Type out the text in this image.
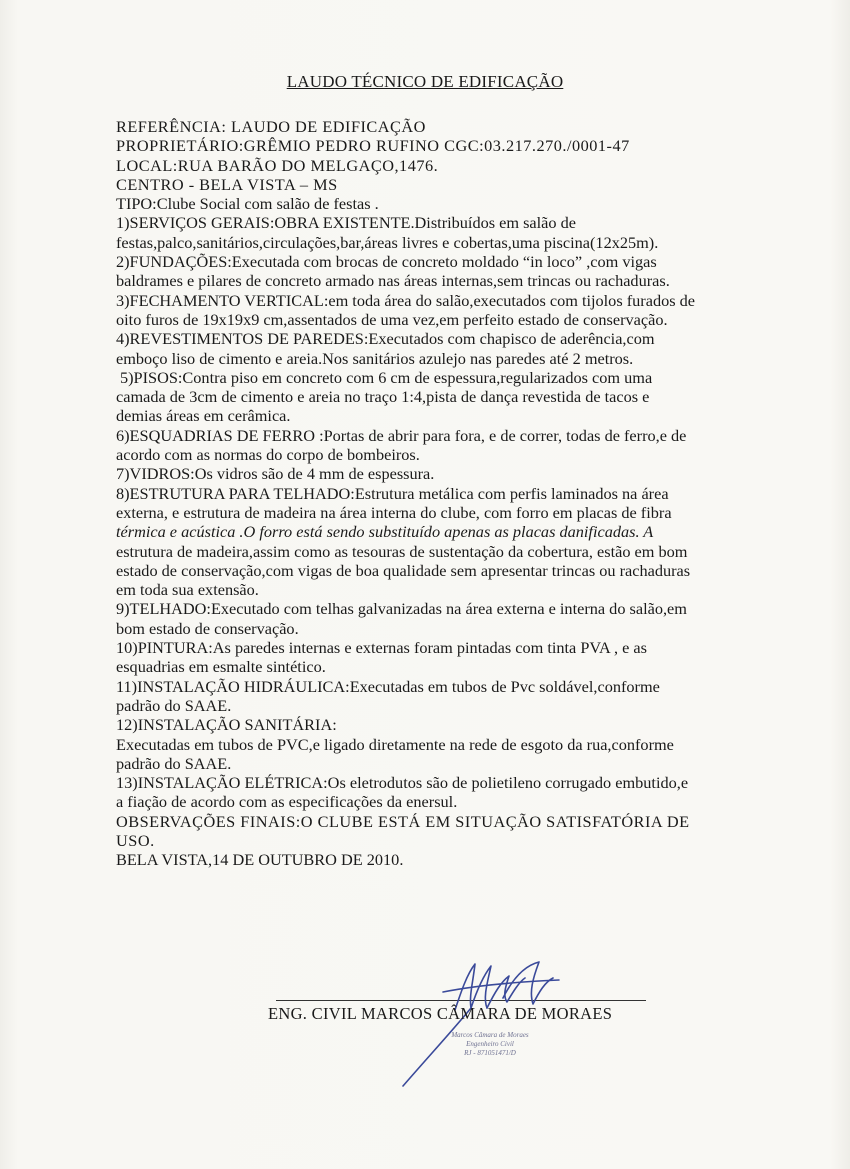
LAUDO TÉCNICO DE EDIFICAÇÃO
REFERÊNCIA: LAUDO DE EDIFICAÇÃO
PROPRIETÁRIO:GRÊMIO PEDRO RUFINO CGC:03.217.270./0001-47
LOCAL:RUA BARÃO DO MELGAÇO,1476.
CENTRO - BELA VISTA – MS
TIPO:Clube Social com salão de festas .
1)SERVIÇOS GERAIS:OBRA EXISTENTE.Distribuídos em salão de
festas,palco,sanitários,circulações,bar,áreas livres e cobertas,uma piscina(12x25m).
2)FUNDAÇÕES:Executada com brocas de concreto moldado “in loco” ,com vigas
baldrames e pilares de concreto armado nas áreas internas,sem trincas ou rachaduras.
3)FECHAMENTO VERTICAL:em toda área do salão,executados com tijolos furados de
oito furos de 19x19x9 cm,assentados de uma vez,em perfeito estado de conservação.
4)REVESTIMENTOS DE PAREDES:Executados com chapisco de aderência,com
emboço liso de cimento e areia.Nos sanitários azulejo nas paredes até 2 metros.
5)PISOS:Contra piso em concreto com 6 cm de espessura,regularizados com uma
camada de 3cm de cimento e areia no traço 1:4,pista de dança revestida de tacos e
demias áreas em cerâmica.
6)ESQUADRIAS DE FERRO :Portas de abrir para fora, e de correr, todas de ferro,e de
acordo com as normas do corpo de bombeiros.
7)VIDROS:Os vidros são de 4 mm de espessura.
8)ESTRUTURA PARA TELHADO:Estrutura metálica com perfis laminados na área
externa, e estrutura de madeira na área interna do clube, com forro em placas de fibra
térmica e acústica .O forro está sendo substituído apenas as placas danificadas. A
estrutura de madeira,assim como as tesouras de sustentação da cobertura, estão em bom
estado de conservação,com vigas de boa qualidade sem apresentar trincas ou rachaduras
em toda sua extensão.
9)TELHADO:Executado com telhas galvanizadas na área externa e interna do salão,em
bom estado de conservação.
10)PINTURA:As paredes internas e externas foram pintadas com tinta PVA , e as
esquadrias em esmalte sintético.
11)INSTALAÇÃO HIDRÁULICA:Executadas em tubos de Pvc soldável,conforme
padrão do SAAE.
12)INSTALAÇÃO SANITÁRIA:
Executadas em tubos de PVC,e ligado diretamente na rede de esgoto da rua,conforme
padrão do SAAE.
13)INSTALAÇÃO ELÉTRICA:Os eletrodutos são de polietileno corrugado embutido,e
a fiação de acordo com as especificações da enersul.
OBSERVAÇÕES FINAIS:O CLUBE ESTÁ EM SITUAÇÃO SATISFATÓRIA DE
USO.
BELA VISTA,14 DE OUTUBRO DE 2010.
ENG. CIVIL MARCOS CÂMARA DE MORAES
Marcos Câmara de Moraes
Engenheiro Civil
RJ - 871051471/D
